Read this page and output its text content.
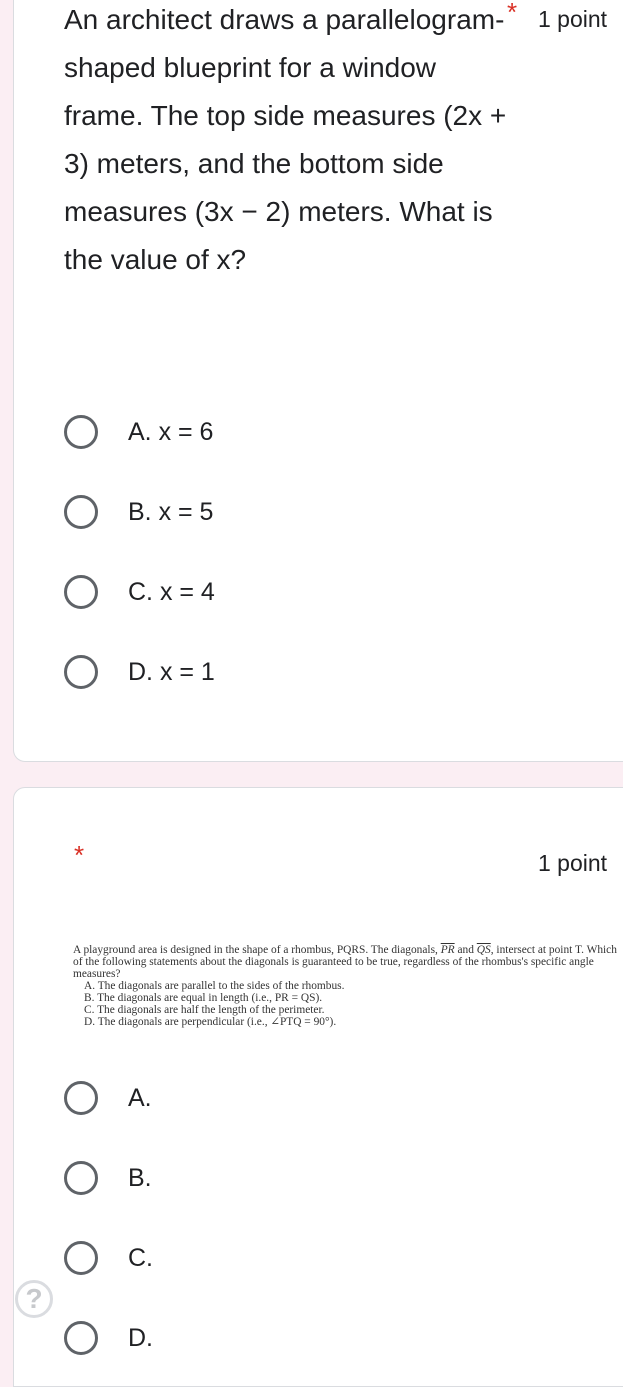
An architect draws a parallelogram-shaped blueprint for a window frame. The top side measures (2x + 3) meters, and the bottom side measures (3x − 2) meters. What is the value of x?
* 1 point
A. x = 6
B. x = 5
C. x = 4
D. x = 1
*	1 point

A playground area is designed in the shape of a rhombus, PQRS. The diagonals, $\overline{PR}$ and $\overline{QS}$, intersect at point T. Which of the following statements about the diagonals is guaranteed to be true, regardless of the rhombus's specific angle measures?

A. The diagonals are parallel to the sides of the rhombus.

B. The diagonals are equal in length (i.e., PR = QS).

C. The diagonals are half the length of the perimeter.

D. The diagonals are perpendicular (i.e., ∠PTQ = 90°).

A.
B.
C.
D.
?
